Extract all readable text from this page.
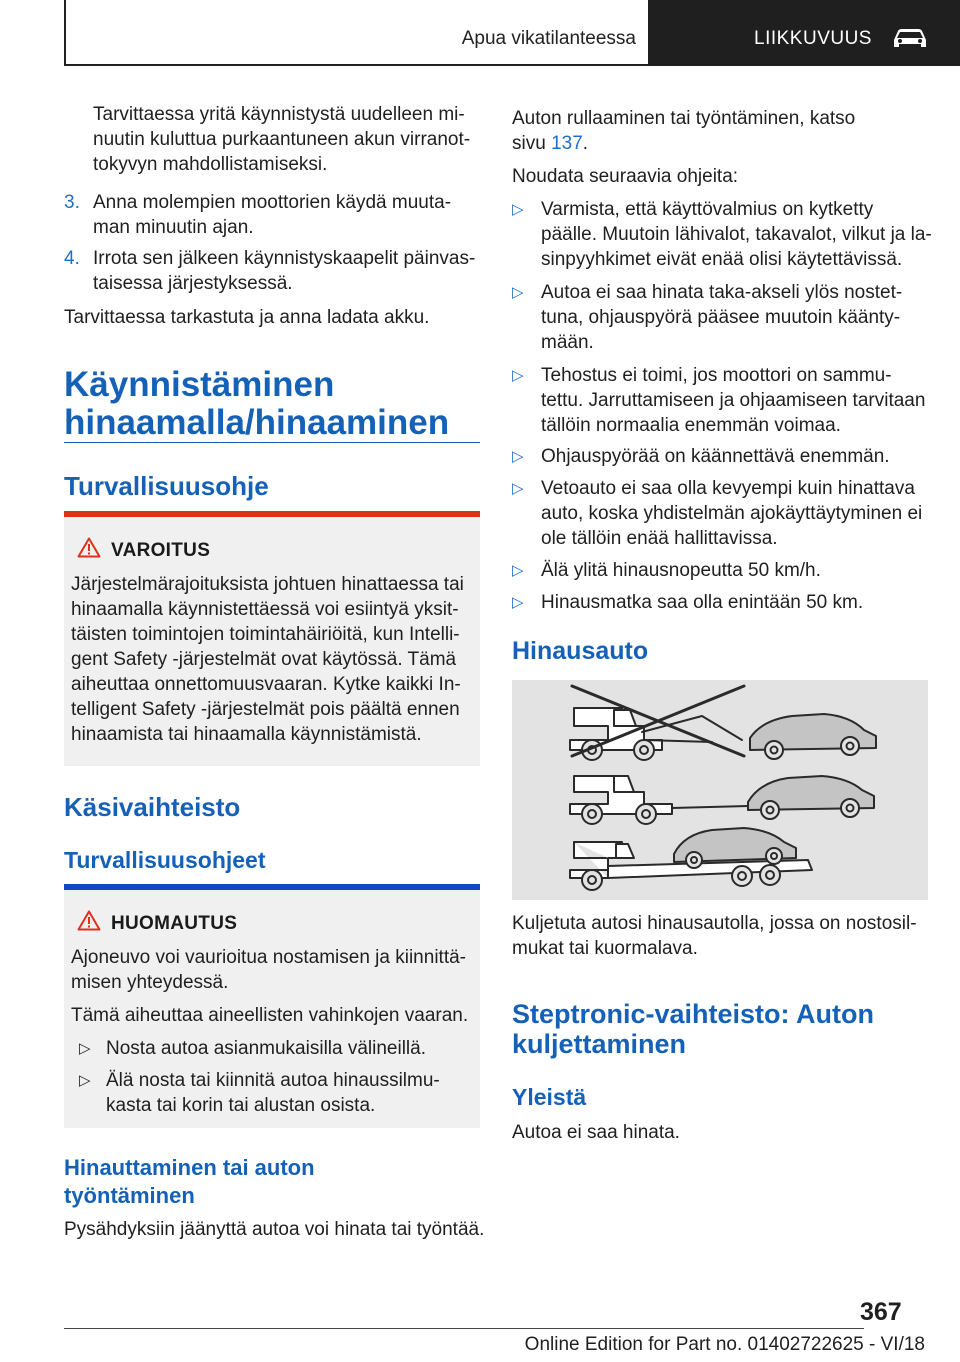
Apua vikatilanteessa	LIIKKUVUUS
Tarvittaessa yritä käynnistystä uudelleen mi-
nuutin kuluttua purkaantuneen akun virranot-
tokyvyn mahdollistamiseksi.
3. Anna molempien moottorien käydä muuta-
man minuutin ajan.
4. Irrota sen jälkeen käynnistyskaapelit päinvas-
taisessa järjestyksessä.
Tarvittaessa tarkastuta ja anna ladata akku.
Käynnistäminen
hinaamalla/hinaaminen
Turvallisuusohje
VAROITUS
Järjestelmärajoituksista johtuen hinattaessa tai
hinaamalla käynnistettäessä voi esiintyä yksit-
täisten toimintojen toimintahäiriöitä, kun Intelli-
gent Safety -järjestelmät ovat käytössä. Tämä
aiheuttaa onnettomuusvaaran. Kytke kaikki In-
telligent Safety -järjestelmät pois päältä ennen
hinaamista tai hinaamalla käynnistämistä.
Käsivaihteisto
Turvallisuusohjeet
HUOMAUTUS
Ajoneuvo voi vaurioitua nostamisen ja kiinnittä-
misen yhteydessä.
Tämä aiheuttaa aineellisten vahinkojen vaaran.
▷ Nosta autoa asianmukaisilla välineillä.
▷ Älä nosta tai kiinnitä autoa hinaussilmu-
kasta tai korin tai alustan osista.
Hinauttaminen tai auton
työntäminen
Pysähdyksiin jäänyttä autoa voi hinata tai työntää.
Auton rullaaminen tai työntäminen, katso
sivu 137.
Noudata seuraavia ohjeita:
▷ Varmista, että käyttövalmius on kytketty
päälle. Muutoin lähivalot, takavalot, vilkut ja la-
sinpyyhkimet eivät enää olisi käytettävissä.
▷ Autoa ei saa hinata taka-akseli ylös nostet-
tuna, ohjauspyörä pääsee muutoin käänty-
mään.
▷ Tehostus ei toimi, jos moottori on sammu-
tettu. Jarruttamiseen ja ohjaamiseen tarvitaan
tällöin normaalia enemmän voimaa.
▷ Ohjauspyörää on käännettävä enemmän.
▷ Vetoauto ei saa olla kevyempi kuin hinattava
auto, koska yhdistelmän ajokäyttäytyminen ei
ole tällöin enää hallittavissa.
▷ Älä ylitä hinausnopeutta 50 km/h.
▷ Hinausmatka saa olla enintään 50 km.
Hinausauto
Kuljetuta autosi hinausautolla, jossa on nostosil-
mukat tai kuormalava.
Steptronic-vaihteisto: Auton
kuljettaminen
Yleistä
Autoa ei saa hinata.
367
Online Edition for Part no. 01402722625 - VI/18
